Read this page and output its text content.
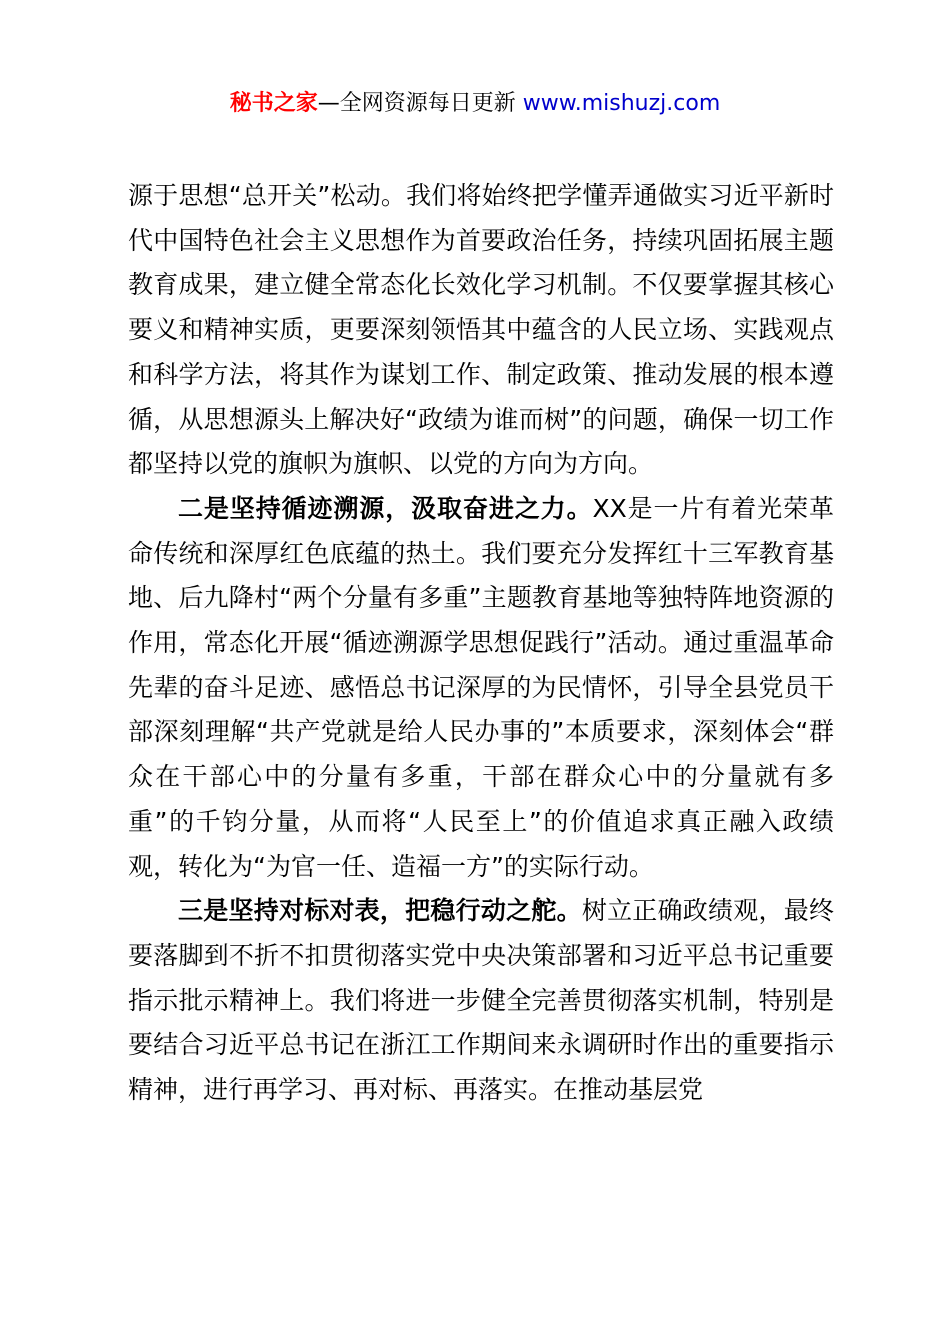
秘书之家—全网资源每日更新 www.mishuzj.com

源于思想“总开关”松动。我们将始终把学懂弄通做实习近平新时代中国特色社会主义思想作为首要政治任务，持续巩固拓展主题教育成果，建立健全常态化长效化学习机制。不仅要掌握其核心要义和精神实质，更要深刻领悟其中蕴含的人民立场、实践观点和科学方法，将其作为谋划工作、制定政策、推动发展的根本遵循，从思想源头上解决好“政绩为谁而树”的问题，确保一切工作都坚持以党的旗帜为旗帜、以党的方向为方向。

二是坚持循迹溯源，汲取奋进之力。XX是一片有着光荣革命传统和深厚红色底蕴的热土。我们要充分发挥红十三军教育基地、后九降村“两个分量有多重”主题教育基地等独特阵地资源的作用，常态化开展“循迹溯源学思想促践行”活动。通过重温革命先辈的奋斗足迹、感悟总书记深厚的为民情怀，引导全县党员干部深刻理解“共产党就是给人民办事的”本质要求，深刻体会“群众在干部心中的分量有多重，干部在群众心中的分量就有多重”的千钧分量，从而将“人民至上”的价值追求真正融入政绩观，转化为“为官一任、造福一方”的实际行动。

三是坚持对标对表，把稳行动之舵。树立正确政绩观，最终要落脚到不折不扣贯彻落实党中央决策部署和习近平总书记重要指示批示精神上。我们将进一步健全完善贯彻落实机制，特别是要结合习近平总书记在浙江工作期间来永调研时作出的重要指示精神，进行再学习、再对标、再落实。在推动基层党
